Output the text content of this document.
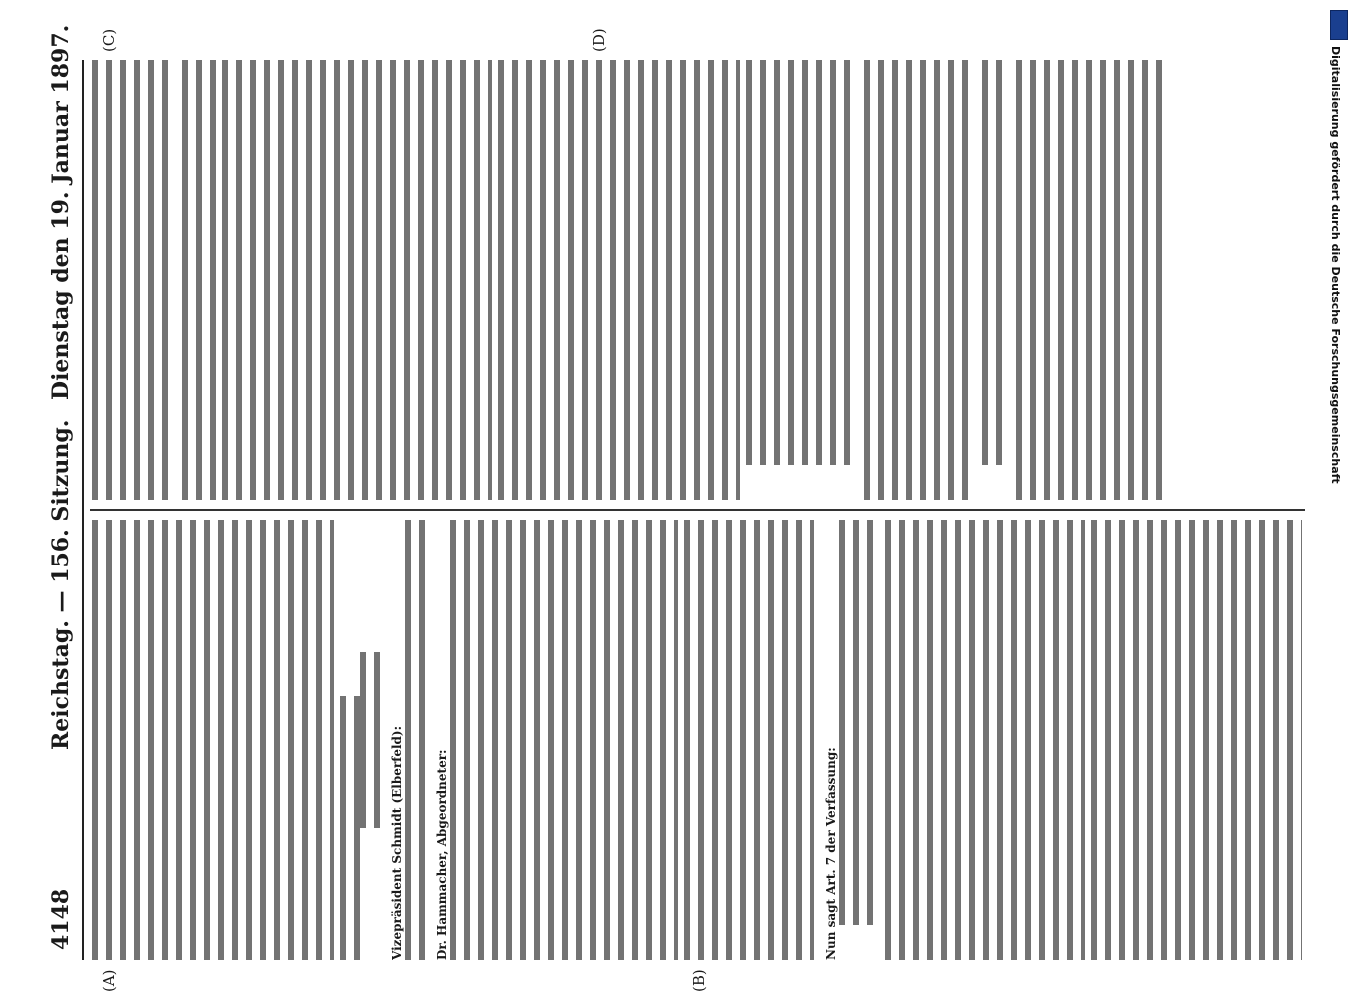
4148
Reichstag. — 156. Sitzung.
Dienstag den 19. Januar 1897.
(A)	(B)
(C)	(D)
Vizepräsident Schmidt (Elberfeld):	Dr. Hammacher, Abgeordneter:	Nun sagt Art. 7 der Verfassung:
Digitalisierung gefördert durch die Deutsche Forschungsgemeinschaft
